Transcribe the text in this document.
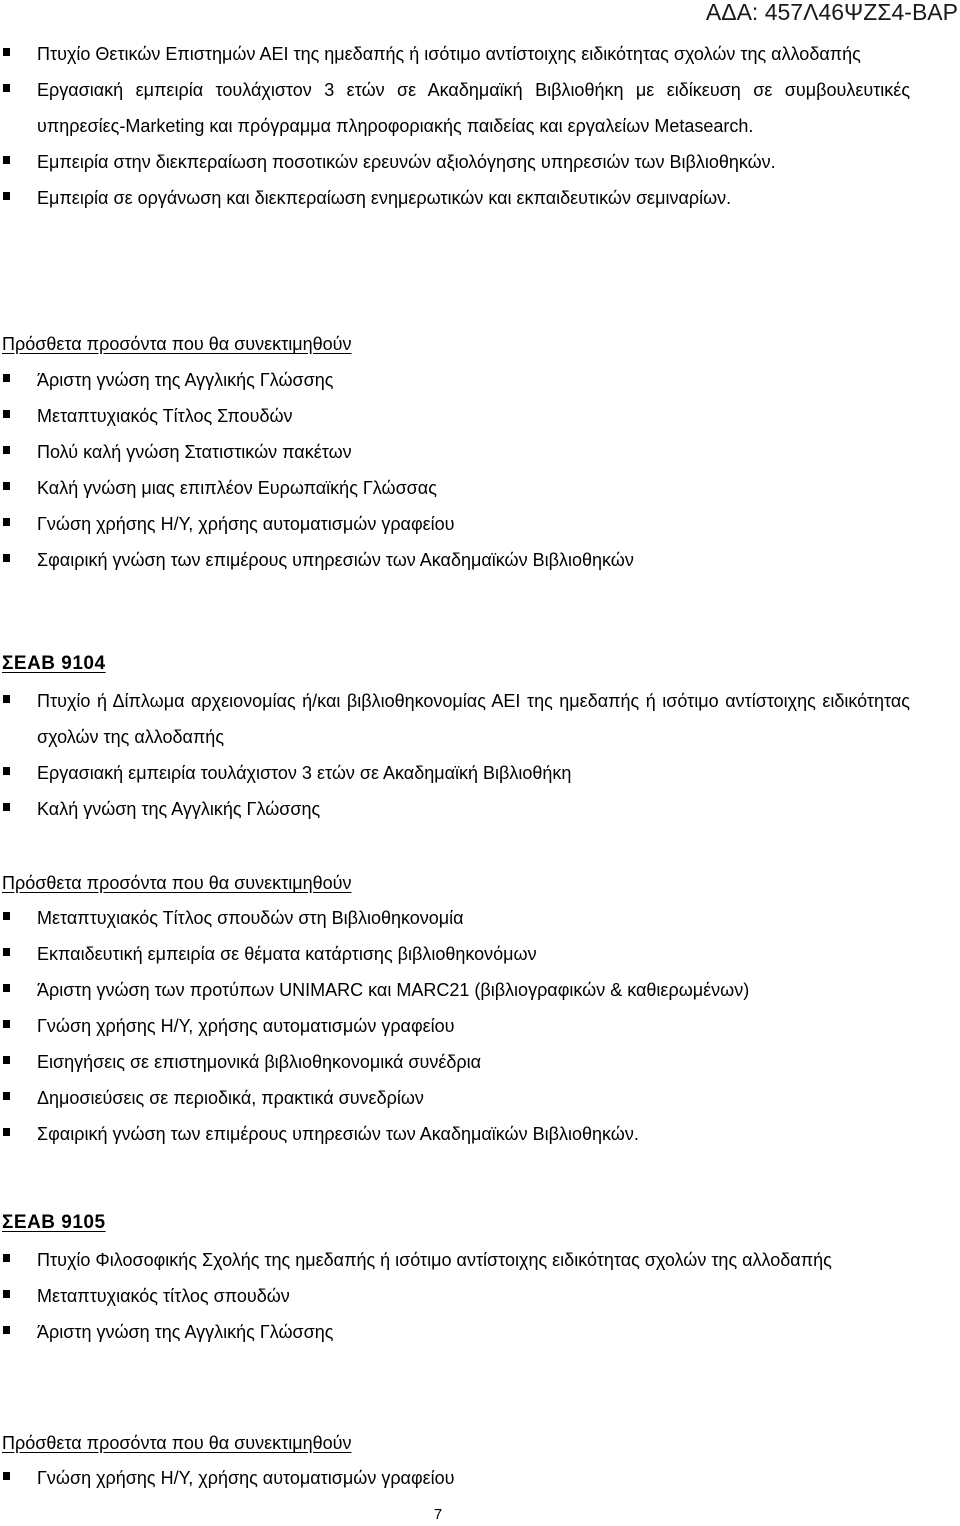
ΑΔΑ: 457Λ46ΨΖΣ4-ΒΑΡ
Πτυχίο Θετικών Επιστημών ΑΕΙ της ημεδαπής ή ισότιμο αντίστοιχης ειδικότητας σχολών της αλλοδαπής
Εργασιακή εμπειρία τουλάχιστον 3 ετών σε Ακαδημαϊκή Βιβλιοθήκη με ειδίκευση σε συμβουλευτικές υπηρεσίες-Marketing και πρόγραμμα πληροφοριακής παιδείας και εργαλείων Metasearch.
Εμπειρία στην διεκπεραίωση ποσοτικών ερευνών αξιολόγησης υπηρεσιών των Βιβλιοθηκών.
Εμπειρία σε οργάνωση και διεκπεραίωση ενημερωτικών και εκπαιδευτικών σεμιναρίων.
Πρόσθετα προσόντα που θα συνεκτιμηθούν
Άριστη γνώση της Αγγλικής Γλώσσης
Μεταπτυχιακός Τίτλος Σπουδών
Πολύ καλή γνώση Στατιστικών πακέτων
Καλή γνώση μιας επιπλέον Ευρωπαϊκής Γλώσσας
Γνώση χρήσης Η/Υ, χρήσης αυτοματισμών γραφείου
Σφαιρική γνώση των επιμέρους υπηρεσιών των Ακαδημαϊκών Βιβλιοθηκών
ΣΕΑΒ 9104
Πτυχίο ή Δίπλωμα αρχειονομίας ή/και βιβλιοθηκονομίας ΑΕΙ της ημεδαπής ή ισότιμο αντίστοιχης ειδικότητας σχολών της αλλοδαπής
Εργασιακή εμπειρία τουλάχιστον 3 ετών σε Ακαδημαϊκή Βιβλιοθήκη
Καλή γνώση της Αγγλικής Γλώσσης
Πρόσθετα προσόντα που θα συνεκτιμηθούν
Μεταπτυχιακός Τίτλος σπουδών στη Βιβλιοθηκονομία
Εκπαιδευτική εμπειρία σε θέματα κατάρτισης βιβλιοθηκονόμων
Άριστη γνώση των προτύπων UNIMARC και MARC21 (βιβλιογραφικών & καθιερωμένων)
Γνώση χρήσης Η/Υ, χρήσης αυτοματισμών γραφείου
Εισηγήσεις σε επιστημονικά βιβλιοθηκονομικά συνέδρια
Δημοσιεύσεις σε περιοδικά, πρακτικά συνεδρίων
Σφαιρική γνώση των επιμέρους υπηρεσιών των Ακαδημαϊκών Βιβλιοθηκών.
ΣΕΑΒ 9105
Πτυχίο Φιλοσοφικής Σχολής της ημεδαπής ή ισότιμο αντίστοιχης ειδικότητας σχολών της αλλοδαπής
Μεταπτυχιακός τίτλος σπουδών
Άριστη γνώση της Αγγλικής Γλώσσης
Πρόσθετα προσόντα που θα συνεκτιμηθούν
Γνώση χρήσης Η/Υ, χρήσης αυτοματισμών γραφείου
7
